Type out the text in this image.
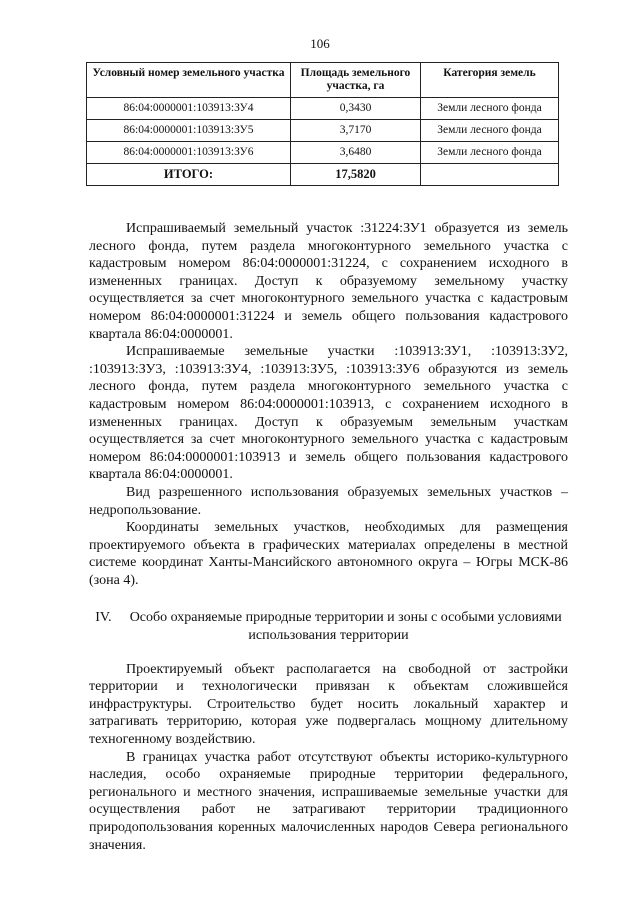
106
Условный номер земельного участка	Площадь земельного участка, га	Категория земель
86:04:0000001:103913:ЗУ4	0,3430	Земли лесного фонда
86:04:0000001:103913:ЗУ5	3,7170	Земли лесного фонда
86:04:0000001:103913:ЗУ6	3,6480	Земли лесного фонда
ИТОГО:	17,5820	

Испрашиваемый земельный участок :31224:ЗУ1 образуется из земель лесного фонда, путем раздела многоконтурного земельного участка с кадастровым номером 86:04:0000001:31224, с сохранением исходного в измененных границах. Доступ к образуемому земельному участку осуществляется за счет многоконтурного земельного участка с кадастровым номером 86:04:0000001:31224 и земель общего пользования кадастрового квартала 86:04:0000001.

Испрашиваемые земельные участки :103913:ЗУ1, :103913:ЗУ2, :103913:ЗУ3, :103913:ЗУ4, :103913:ЗУ5, :103913:ЗУ6 образуются из земель лесного фонда, путем раздела многоконтурного земельного участка с кадастровым номером 86:04:0000001:103913, с сохранением исходного в измененных границах. Доступ к образуемым земельным участкам осуществляется за счет многоконтурного земельного участка с кадастровым номером 86:04:0000001:103913 и земель общего пользования кадастрового квартала 86:04:0000001.

Вид разрешенного использования образуемых земельных участков – недропользование.

Координаты земельных участков, необходимых для размещения проектируемого объекта в графических материалах определены в местной системе координат Ханты-Мансийского автономного округа – Югры МСК-86 (зона 4).

IV. Особо охраняемые природные территории и зоны с особыми условиями использования территории

Проектируемый объект располагается на свободной от застройки территории и технологически привязан к объектам сложившейся инфраструктуры. Строительство будет носить локальный характер и затрагивать территорию, которая уже подвергалась мощному длительному техногенному воздействию.

В границах участка работ отсутствуют объекты историко-культурного наследия, особо охраняемые природные территории федерального, регионального и местного значения, испрашиваемые земельные участки для осуществления работ не затрагивают территории традиционного природопользования коренных малочисленных народов Севера регионального значения.
